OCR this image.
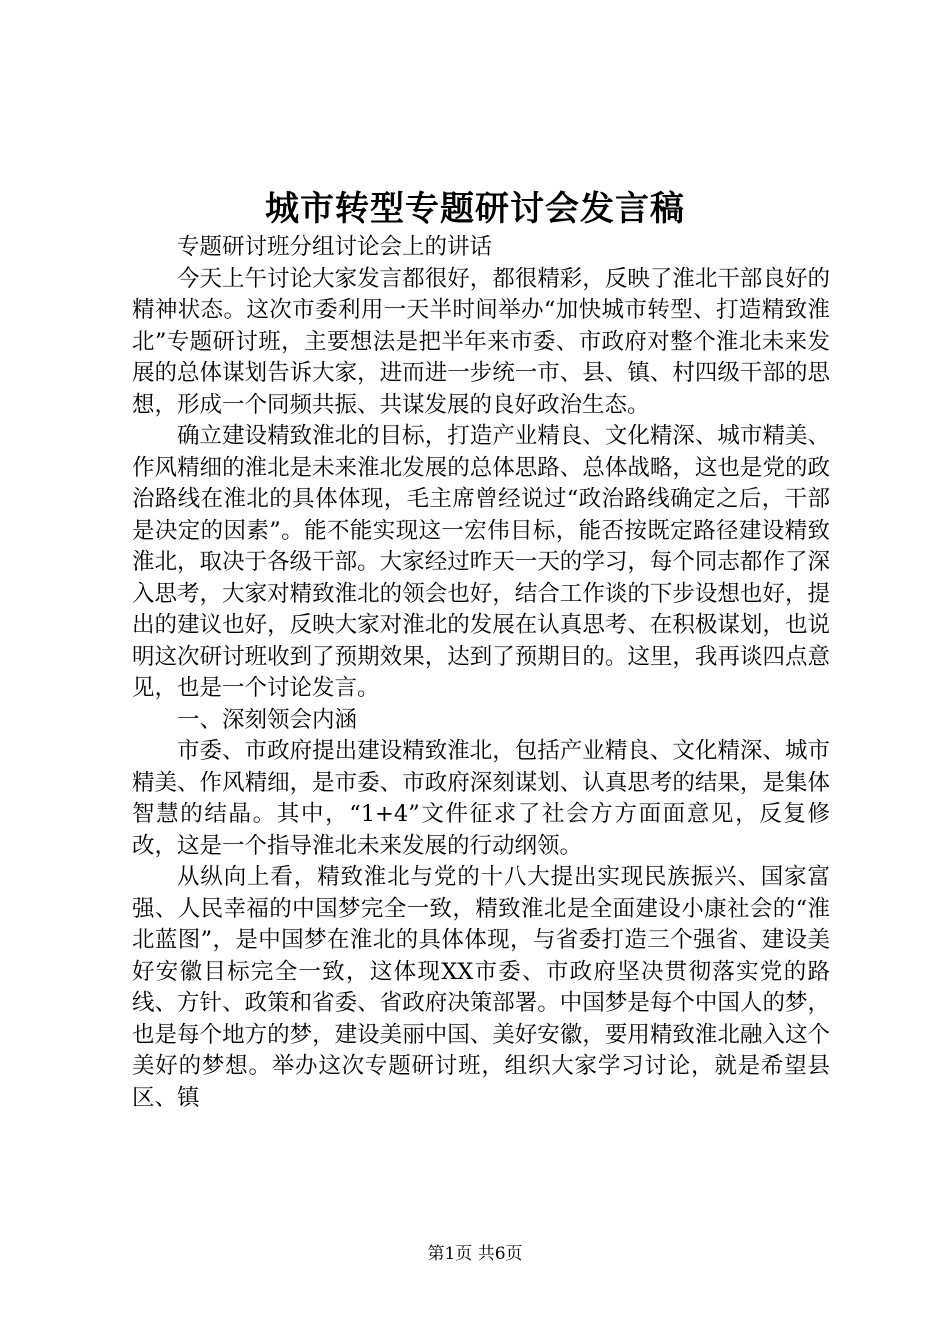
城市转型专题研讨会发言稿

专题研讨班分组讨论会上的讲话

今天上午讨论大家发言都很好，都很精彩，反映了淮北干部良好的精神状态。这次市委利用一天半时间举办“加快城市转型、打造精致淮北”专题研讨班，主要想法是把半年来市委、市政府对整个淮北未来发展的总体谋划告诉大家，进而进一步统一市、县、镇、村四级干部的思想，形成一个同频共振、共谋发展的良好政治生态。

确立建设精致淮北的目标，打造产业精良、文化精深、城市精美、作风精细的淮北是未来淮北发展的总体思路、总体战略，这也是党的政治路线在淮北的具体体现，毛主席曾经说过“政治路线确定之后，干部是决定的因素”。能不能实现这一宏伟目标，能否按既定路径建设精致淮北，取决于各级干部。大家经过昨天一天的学习，每个同志都作了深入思考，大家对精致淮北的领会也好，结合工作谈的下步设想也好，提出的建议也好，反映大家对淮北的发展在认真思考、在积极谋划，也说明这次研讨班收到了预期效果，达到了预期目的。这里，我再谈四点意见，也是一个讨论发言。

一、深刻领会内涵

市委、市政府提出建设精致淮北，包括产业精良、文化精深、城市精美、作风精细，是市委、市政府深刻谋划、认真思考的结果，是集体智慧的结晶。其中，“1+4”文件征求了社会方方面面意见，反复修改，这是一个指导淮北未来发展的行动纲领。

从纵向上看，精致淮北与党的十八大提出实现民族振兴、国家富强、人民幸福的中国梦完全一致，精致淮北是全面建设小康社会的“淮北蓝图”，是中国梦在淮北的具体体现，与省委打造三个强省、建设美好安徽目标完全一致，这体现XX市委、市政府坚决贯彻落实党的路线、方针、政策和省委、省政府决策部署。中国梦是每个中国人的梦，也是每个地方的梦，建设美丽中国、美好安徽，要用精致淮北融入这个美好的梦想。举办这次专题研讨班，组织大家学习讨论，就是希望县区、镇

第1页 共6页
